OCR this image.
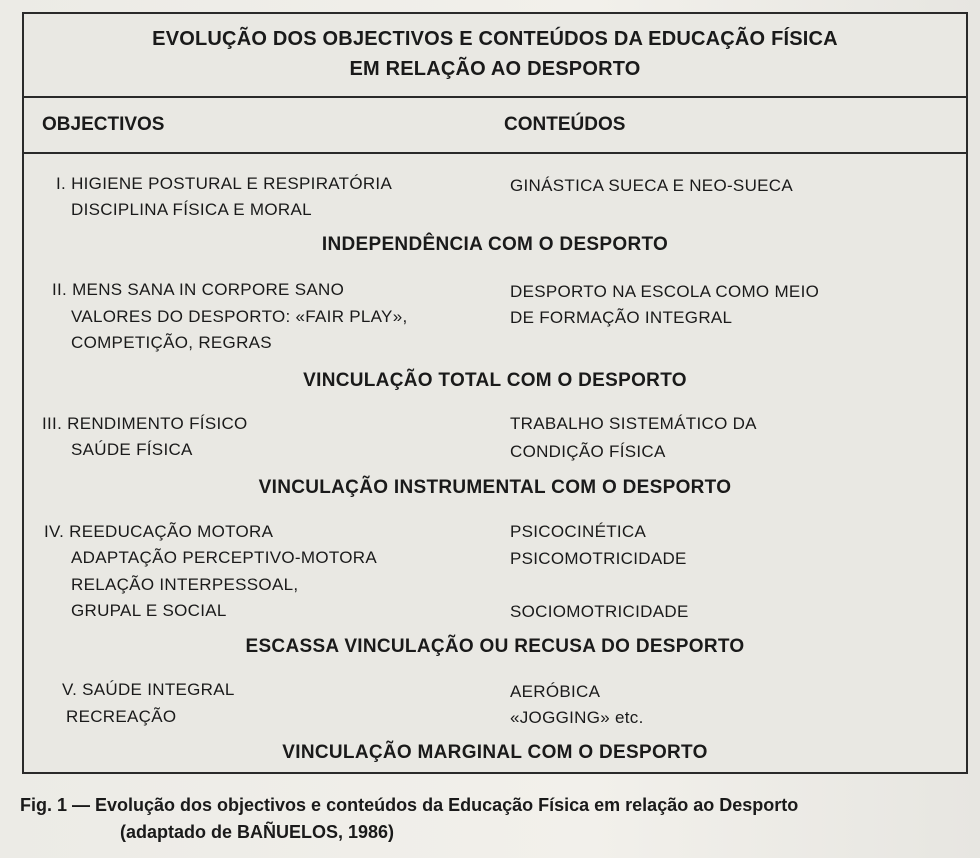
EVOLUÇÃO DOS OBJECTIVOS E CONTEÚDOS DA EDUCAÇÃO FÍSICA
EM RELAÇÃO AO DESPORTO
OBJECTIVOS	CONTEÚDOS
I. HIGIENE POSTURAL E RESPIRATÓRIA
DISCIPLINA FÍSICA E MORAL
GINÁSTICA SUECA E NEO-SUECA
INDEPENDÊNCIA COM O DESPORTO
II. MENS SANA IN CORPORE SANO
VALORES DO DESPORTO: «FAIR PLAY»,
COMPETIÇÃO, REGRAS
DESPORTO NA ESCOLA COMO MEIO
DE FORMAÇÃO INTEGRAL
VINCULAÇÃO TOTAL COM O DESPORTO
III. RENDIMENTO FÍSICO
SAÚDE FÍSICA
TRABALHO SISTEMÁTICO DA
CONDIÇÃO FÍSICA
VINCULAÇÃO INSTRUMENTAL COM O DESPORTO
IV. REEDUCAÇÃO MOTORA
ADAPTAÇÃO PERCEPTIVO-MOTORA
RELAÇÃO INTERPESSOAL,
GRUPAL E SOCIAL
PSICOCINÉTICA
PSICOMOTRICIDADE
SOCIOMOTRICIDADE
ESCASSA VINCULAÇÃO OU RECUSA DO DESPORTO
V. SAÚDE INTEGRAL
RECREAÇÃO
AERÓBICA
«JOGGING» etc.
VINCULAÇÃO MARGINAL COM O DESPORTO
Fig. 1 — Evolução dos objectivos e conteúdos da Educação Física em relação ao Desporto
(adaptado de BAÑUELOS, 1986)
